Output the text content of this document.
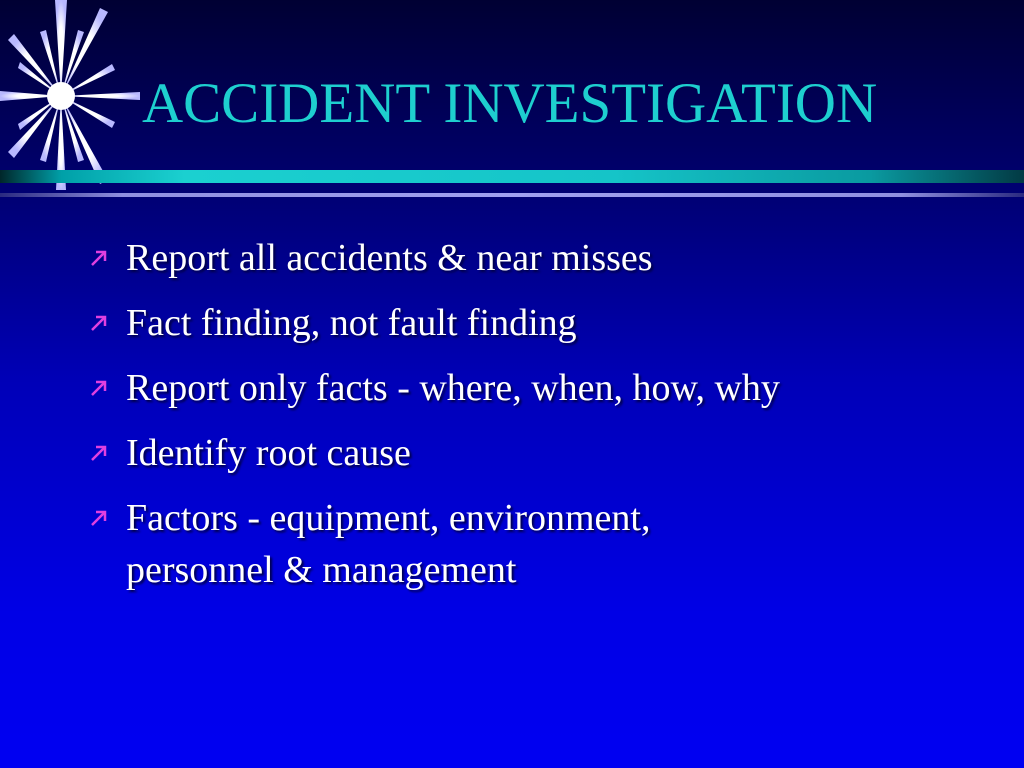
ACCIDENT INVESTIGATION
Report all accidents & near misses
Fact finding, not fault finding
Report only facts - where, when, how, why
Identify root cause
Factors - equipment, environment, personnel & management
